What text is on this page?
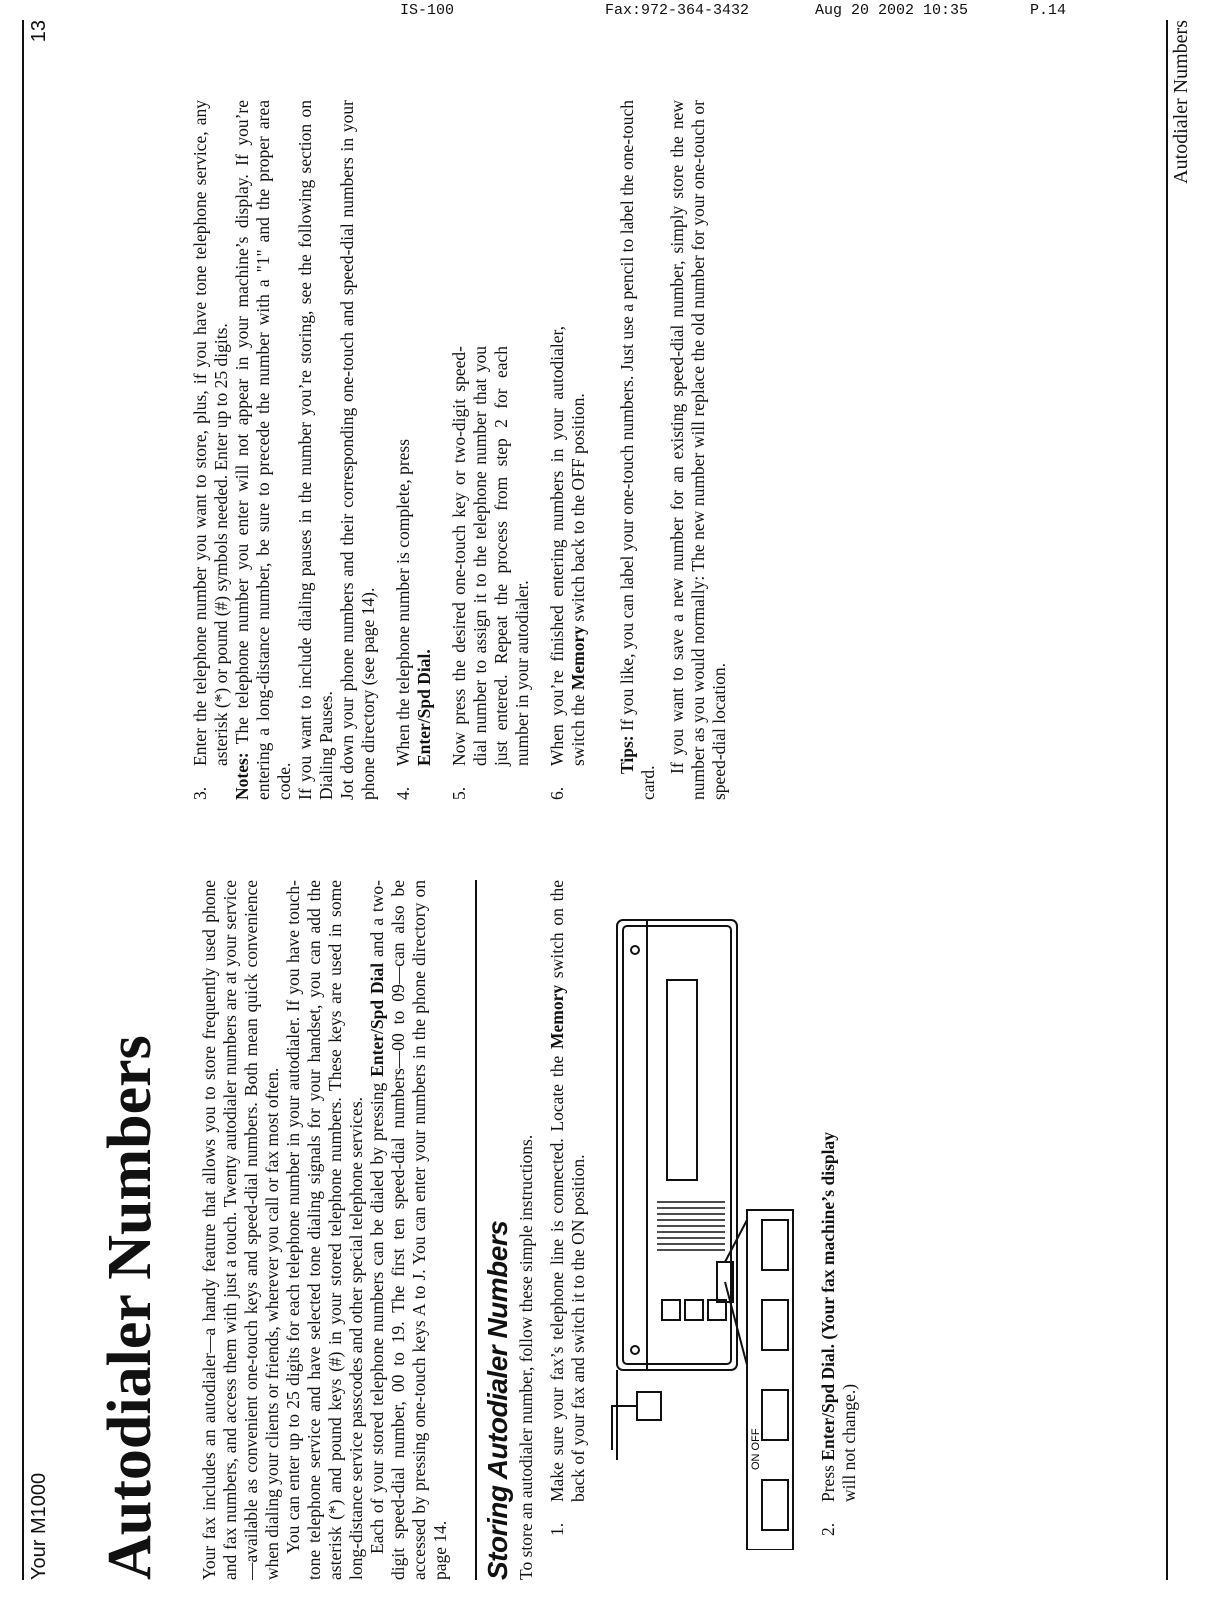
IS-100	Fax:972-364-3432	Aug 20 2002 10:35	P.14
Your M1000
13	Autodialer Numbers
Autodialer Numbers Your fax includes an autodialer—a handy feature that allows you to store frequently used phone and fax numbers, and access them with just a touch. Twenty autodialer numbers are at your service—available as convenient one-touch keys and speed-dial numbers. Both mean quick convenience when dialing your clients or friends, wherever you call or fax most often. You can enter up to 25 digits for each telephone number in your autodialer. If you have touch-tone telephone service and have selected tone dialing signals for your handset, you can add the asterisk (*) and pound keys (#) in your stored telephone numbers. These keys are used in some long-distance service passcodes and other special telephone services. Each of your stored telephone numbers can be dialed by pressing Enter/Spd Dial and a two-digit speed-dial number, 00 to 19. The first ten speed-dial numbers—00 to 09—can also be accessed by pressing one-touch keys A to J. You can enter your numbers in the phone directory on page 14. Storing Autodialer Numbers To store an autodialer number, follow these simple instructions. 1.
Make sure your fax’s telephone line is connected. Locate the Memory switch on the back of your fax and switch it to the ON position.	ON OFF
2.
Press Enter/Spd Dial. (Your fax machine’s display
will not change.)
3.
Enter the telephone number you want to store, plus, if you have tone telephone service, any asterisk (*) or pound (#) symbols needed. Enter up to 25 digits.

Notes: The telephone number you enter will not appear in your machine’s display. If you’re entering a long-distance number, be sure to precede the number with a "1" and the proper area code. If you want to include dialing pauses in the number you’re storing, see the following section on Dialing Pauses. Jot down your phone numbers and their corresponding one-touch and speed-dial numbers in your phone directory (see page 14). 4.
When the telephone number is complete, press
Enter/Spd Dial.
5.
Now press the desired one-touch key or two-digit speed-dial number to assign it to the telephone number that you just entered. Repeat the process from step 2 for each number in your autodialer.
6.
When you’re finished entering numbers in your autodialer, switch the Memory switch back to the OFF position.

Tips: If you like, you can label your one-touch numbers. Just use a pencil to label the one-touch card.

If you want to save a new number for an existing speed-dial number, simply store the new number as you would normally: The new number will replace the old number for your one-touch or speed-dial location.
